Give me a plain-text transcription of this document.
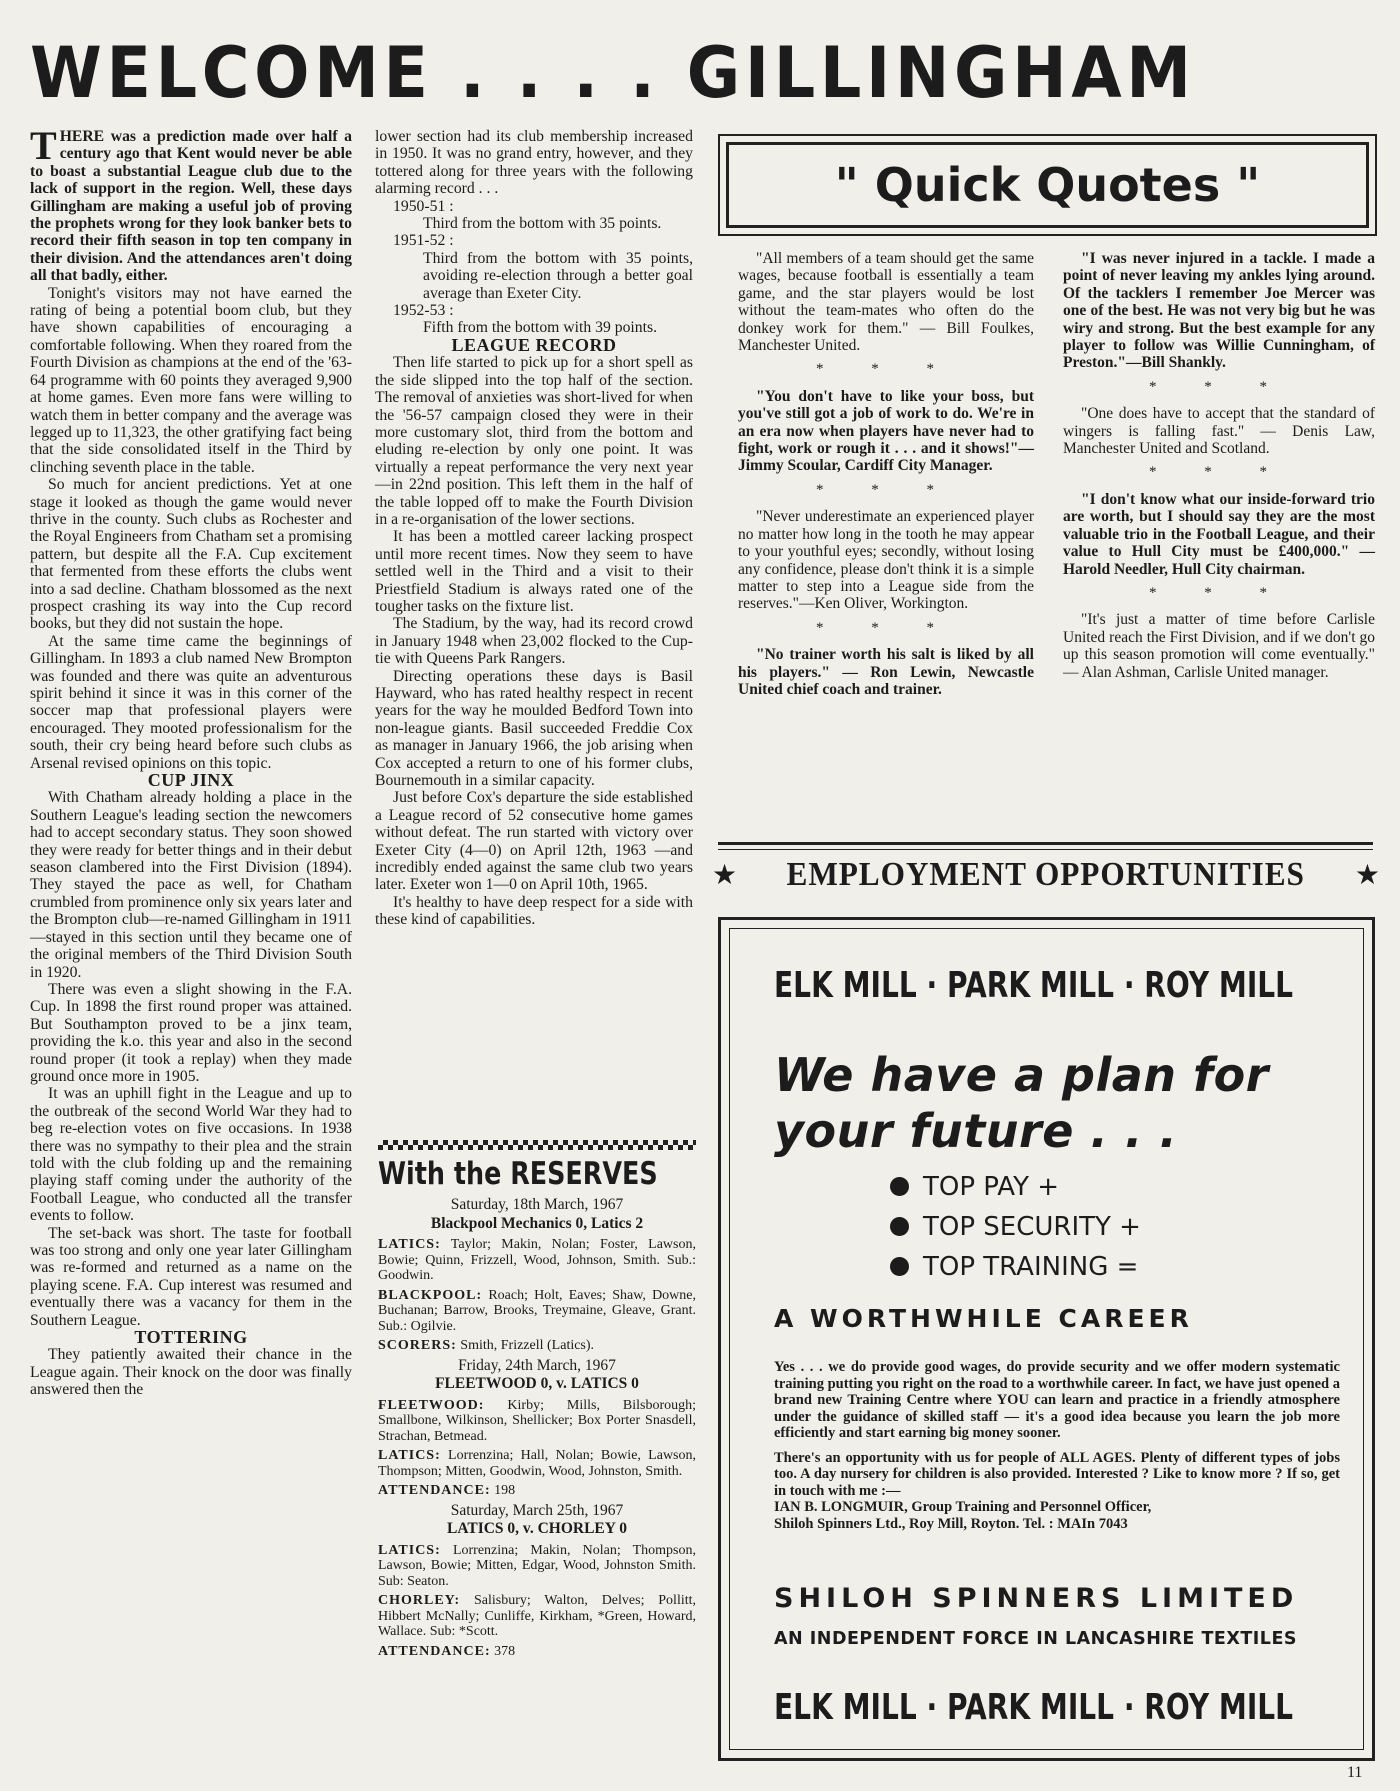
WELCOME . . . . GILLINGHAM

THERE was a prediction made over half a century ago that Kent would never be able to boast a substantial League club due to the lack of support in the region. Well, these days Gillingham are making a useful job of proving the prophets wrong for they look banker bets to record their fifth season in top ten company in their division. And the attendances aren't doing all that badly, either.

Tonight's visitors may not have earned the rating of being a potential boom club, but they have shown capabilities of encouraging a comfortable following. When they roared from the Fourth Division as champions at the end of the '63-64 programme with 60 points they averaged 9,900 at home games. Even more fans were willing to watch them in better company and the average was legged up to 11,323, the other gratifying fact being that the side consolidated itself in the Third by clinching seventh place in the table.

So much for ancient predictions. Yet at one stage it looked as though the game would never thrive in the county. Such clubs as Rochester and the Royal Engineers from Chatham set a promising pattern, but despite all the F.A. Cup excitement that fermented from these efforts the clubs went into a sad decline. Chatham blossomed as the next prospect crashing its way into the Cup record books, but they did not sustain the hope.

At the same time came the beginnings of Gillingham. In 1893 a club named New Brompton was founded and there was quite an adventurous spirit behind it since it was in this corner of the soccer map that professional players were encouraged. They mooted professionalism for the south, their cry being heard before such clubs as Arsenal revised opinions on this topic.

CUP JINX

With Chatham already holding a place in the Southern League's leading section the newcomers had to accept secondary status. They soon showed they were ready for better things and in their debut season clambered into the First Division (1894). They stayed the pace as well, for Chatham crumbled from prominence only six years later and the Brompton club—re-named Gillingham in 1911—stayed in this section until they became one of the original members of the Third Division South in 1920.

There was even a slight showing in the F.A. Cup. In 1898 the first round proper was attained. But Southampton proved to be a jinx team, providing the k.o. this year and also in the second round proper (it took a replay) when they made ground once more in 1905.

It was an uphill fight in the League and up to the outbreak of the second World War they had to beg re-election votes on five occasions. In 1938 there was no sympathy to their plea and the strain told with the club folding up and the remaining playing staff coming under the authority of the Football League, who conducted all the transfer events to follow.

The set-back was short. The taste for football was too strong and only one year later Gillingham was re-formed and returned as a name on the playing scene. F.A. Cup interest was resumed and eventually there was a vacancy for them in the Southern League.

TOTTERING

They patiently awaited their chance in the League again. Their knock on the door was finally answered then the

lower section had its club membership increased in 1950. It was no grand entry, however, and they tottered along for three years with the following alarming record . . .

1950-51 :
Third from the bottom with 35 points.
1951-52 :
Third from the bottom with 35 points, avoiding re-election through a better goal average than Exeter City.
1952-53 :
Fifth from the bottom with 39 points.

LEAGUE RECORD

Then life started to pick up for a short spell as the side slipped into the top half of the section. The removal of anxieties was short-lived for when the '56-57 campaign closed they were in their more customary slot, third from the bottom and eluding re-election by only one point. It was virtually a repeat performance the very next year—in 22nd position. This left them in the half of the table lopped off to make the Fourth Division in a re-organisation of the lower sections.

It has been a mottled career lacking prospect until more recent times. Now they seem to have settled well in the Third and a visit to their Priestfield Stadium is always rated one of the tougher tasks on the fixture list.

The Stadium, by the way, had its record crowd in January 1948 when 23,002 flocked to the Cup-tie with Queens Park Rangers.

Directing operations these days is Basil Hayward, who has rated healthy respect in recent years for the way he moulded Bedford Town into non-league giants. Basil succeeded Freddie Cox as manager in January 1966, the job arising when Cox accepted a return to one of his former clubs, Bournemouth in a similar capacity.

Just before Cox's departure the side established a League record of 52 consecutive home games without defeat. The run started with victory over Exeter City (4—0) on April 12th, 1963 —and incredibly ended against the same club two years later. Exeter won 1—0 on April 10th, 1965.

It's healthy to have deep respect for a side with these kind of capabilities.

With the RESERVES
Saturday, 18th March, 1967
Blackpool Mechanics 0, Latics 2
LATICS: Taylor; Makin, Nolan; Foster, Lawson, Bowie; Quinn, Frizzell, Wood, Johnson, Smith. Sub.: Goodwin.
BLACKPOOL: Roach; Holt, Eaves; Shaw, Downe, Buchanan; Barrow, Brooks, Treymaine, Gleave, Grant. Sub.: Ogilvie.
SCORERS: Smith, Frizzell (Latics).
Friday, 24th March, 1967
FLEETWOOD 0, v. LATICS 0
FLEETWOOD: Kirby; Mills, Bilsborough; Smallbone, Wilkinson, Shellicker; Box Porter Snasdell, Strachan, Betmead.
LATICS: Lorrenzina; Hall, Nolan; Bowie, Lawson, Thompson; Mitten, Goodwin, Wood, Johnston, Smith.
ATTENDANCE: 198
Saturday, March 25th, 1967
LATICS 0, v. CHORLEY 0
LATICS: Lorrenzina; Makin, Nolan; Thompson, Lawson, Bowie; Mitten, Edgar, Wood, Johnston Smith. Sub: Seaton.
CHORLEY: Salisbury; Walton, Delves; Pollitt, Hibbert McNally; Cunliffe, Kirkham, *Green, Howard, Wallace. Sub: *Scott.
ATTENDANCE: 378
" Quick Quotes "

"All members of a team should get the same wages, because football is essentially a team game, and the star players would be lost without the team-mates who often do the donkey work for them." — Bill Foulkes, Manchester United.

* * *

"You don't have to like your boss, but you've still got a job of work to do. We're in an era now when players have never had to fight, work or rough it . . . and it shows!"—Jimmy Scoular, Cardiff City Manager.

* * *

"Never underestimate an experienced player no matter how long in the tooth he may appear to your youthful eyes; secondly, without losing any confidence, please don't think it is a simple matter to step into a League side from the reserves."—Ken Oliver, Workington.

* * *

"No trainer worth his salt is liked by all his players." — Ron Lewin, Newcastle United chief coach and trainer.

"I was never injured in a tackle. I made a point of never leaving my ankles lying around. Of the tacklers I remember Joe Mercer was one of the best. He was not very big but he was wiry and strong. But the best example for any player to follow was Willie Cunningham, of Preston."—Bill Shankly.

* * *

"One does have to accept that the standard of wingers is falling fast." — Denis Law, Manchester United and Scotland.

* * *

"I don't know what our inside-forward trio are worth, but I should say they are the most valuable trio in the Football League, and their value to Hull City must be £400,000." — Harold Needler, Hull City chairman.

* * *

"It's just a matter of time before Carlisle United reach the First Division, and if we don't go up this season promotion will come eventually." — Alan Ashman, Carlisle United manager.

★ EMPLOYMENT OPPORTUNITIES ★
ELK MILL · PARK MILL · ROY MILL
We have a plan for
your future . . .
TOP PAY +
TOP SECURITY +
TOP TRAINING =
A WORTHWHILE CAREER

Yes . . . we do provide good wages, do provide security and we offer modern systematic training putting you right on the road to a worthwhile career. In fact, we have just opened a brand new Training Centre where YOU can learn and practice in a friendly atmosphere under the guidance of skilled staff — it's a good idea because you learn the job more efficiently and start earning big money sooner.

There's an opportunity with us for people of ALL AGES. Plenty of different types of jobs too. A day nursery for children is also provided. Interested ? Like to know more ? If so, get in touch with me :—
IAN B. LONGMUIR, Group Training and Personnel Officer,
Shiloh Spinners Ltd., Roy Mill, Royton. Tel. : MAIn 7043

SHILOH SPINNERS LIMITED
AN INDEPENDENT FORCE IN LANCASHIRE TEXTILES
ELK MILL · PARK MILL · ROY MILL
11
